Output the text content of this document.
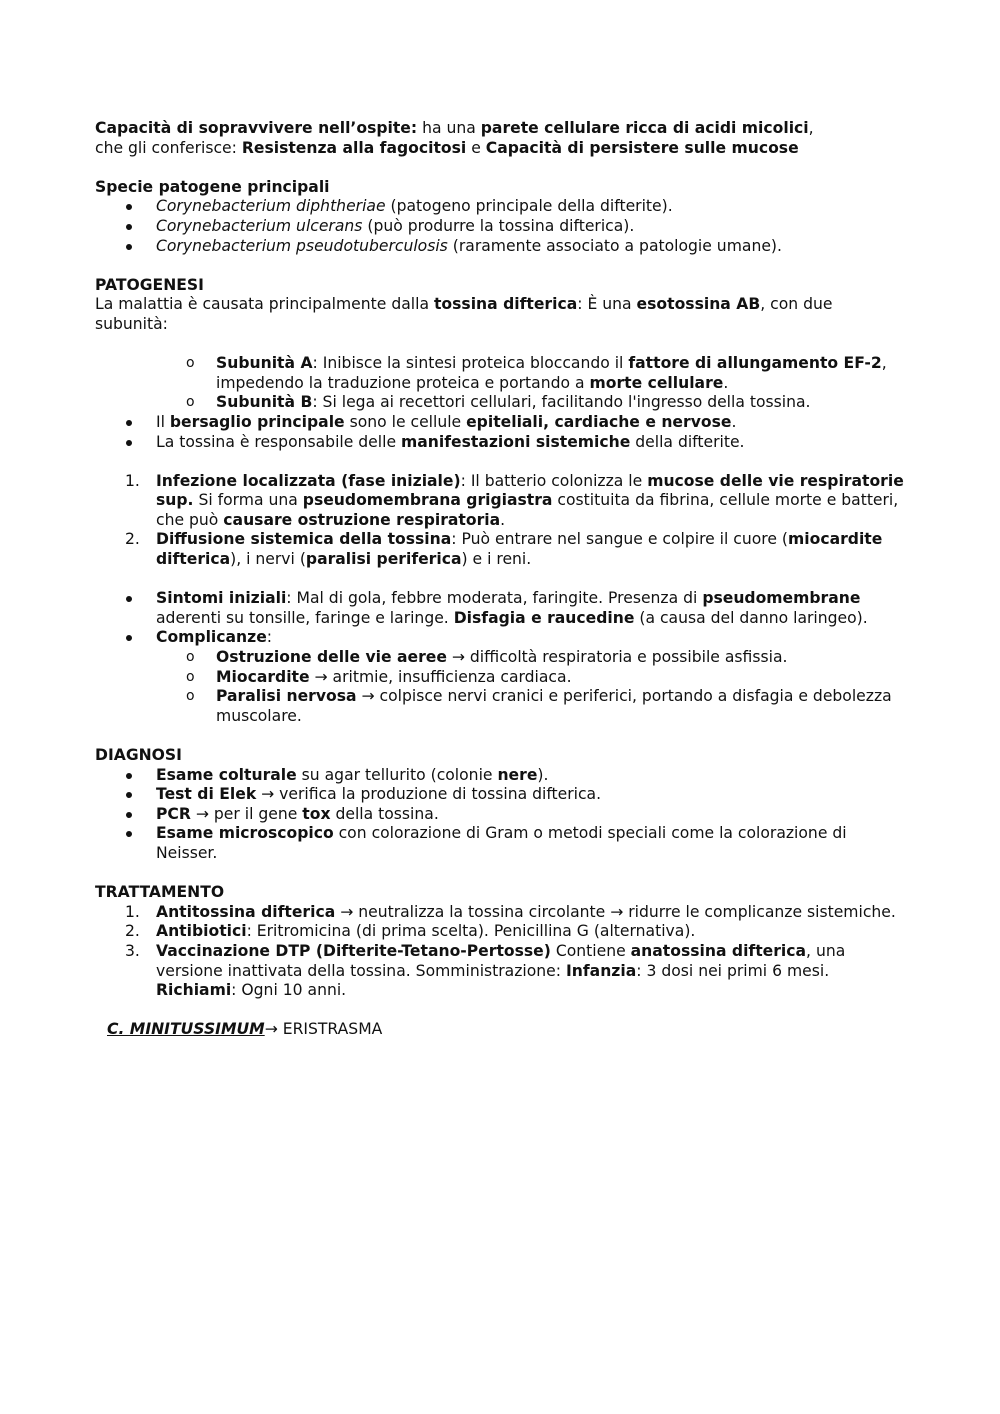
Capacità di sopravvivere nell’ospite: ha una parete cellulare ricca di acidi micolici,
che gli conferisce: Resistenza alla fagocitosi e Capacità di persistere sulle mucose

Specie patogene principali

Corynebacterium diphtheriae (patogeno principale della difterite).
Corynebacterium ulcerans (può produrre la tossina difterica).
Corynebacterium pseudotuberculosis (raramente associato a patologie umane).

PATOGENESI

La malattia è causata principalmente dalla tossina difterica: È una esotossina AB, con due subunità:

o Subunità A: Inibisce la sintesi proteica bloccando il fattore di allungamento EF-2, impedendo la traduzione proteica e portando a morte cellulare.
o Subunità B: Si lega ai recettori cellulari, facilitando l'ingresso della tossina.
Il bersaglio principale sono le cellule epiteliali, cardiache e nervose.
La tossina è responsabile delle manifestazioni sistemiche della difterite.
1. Infezione localizzata (fase iniziale): Il batterio colonizza le mucose delle vie respiratorie sup. Si forma una pseudomembrana grigiastra costituita da fibrina, cellule morte e batteri, che può causare ostruzione respiratoria.
2. Diffusione sistemica della tossina: Può entrare nel sangue e colpire il cuore (miocardite difterica), i nervi (paralisi periferica) e i reni.
Sintomi iniziali: Mal di gola, febbre moderata, faringite. Presenza di pseudomembrane aderenti su tonsille, faringe e laringe. Disfagia e raucedine (a causa del danno laringeo).
Complicanze:
o Ostruzione delle vie aeree → difficoltà respiratoria e possibile asfissia.
o Miocardite → aritmie, insufficienza cardiaca.
o Paralisi nervosa → colpisce nervi cranici e periferici, portando a disfagia e debolezza muscolare.

DIAGNOSI

Esame colturale su agar tellurito (colonie nere).
Test di Elek → verifica la produzione di tossina difterica.
PCR → per il gene tox della tossina.
Esame microscopico con colorazione di Gram o metodi speciali come la colorazione di Neisser.

TRATTAMENTO

1. Antitossina difterica → neutralizza la tossina circolante → ridurre le complicanze sistemiche.
2. Antibiotici: Eritromicina (di prima scelta). Penicillina G (alternativa).
3. Vaccinazione DTP (Difterite-Tetano-Pertosse) Contiene anatossina difterica, una versione inattivata della tossina. Somministrazione: Infanzia: 3 dosi nei primi 6 mesi. Richiami: Ogni 10 anni.

C. MINITUSSIMUM→ ERISTRASMA
